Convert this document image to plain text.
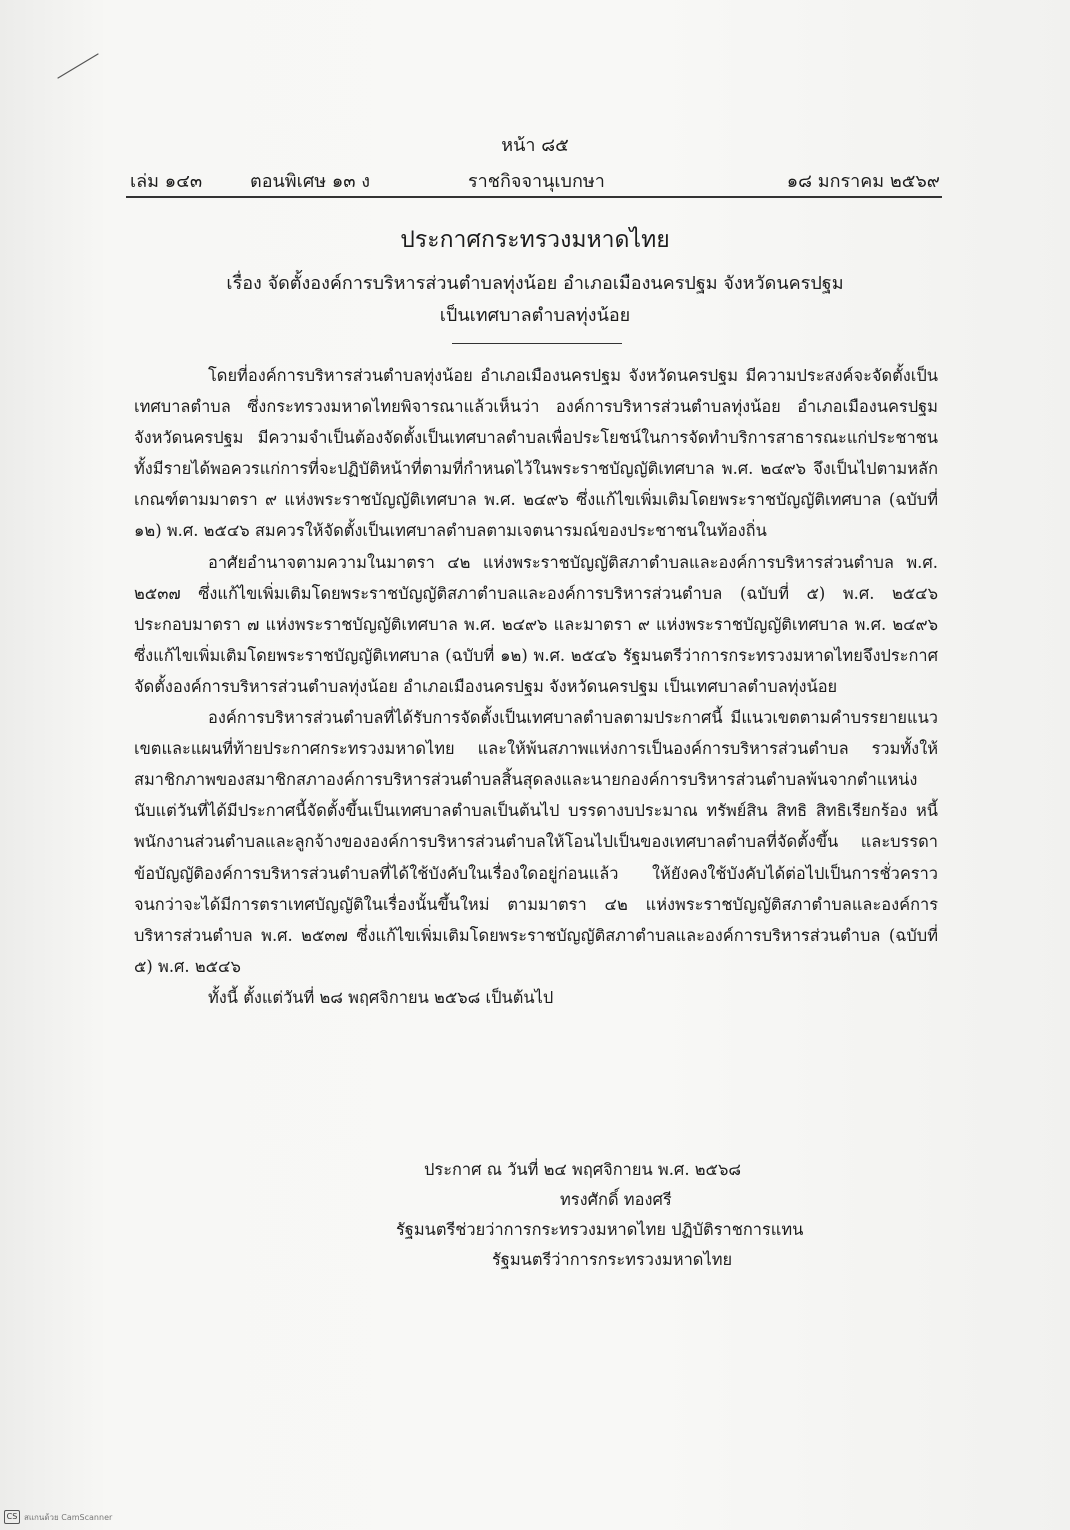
หน้า ๘๕
เล่ม ๑๔๓	ตอนพิเศษ ๑๓ ง	ราชกิจจานุเบกษา	๑๘ มกราคม ๒๕๖๙
ประกาศกระทรวงมหาดไทย
เรื่อง จัดตั้งองค์การบริหารส่วนตำบลทุ่งน้อย อำเภอเมืองนครปฐม จังหวัดนครปฐม
เป็นเทศบาลตำบลทุ่งน้อย

โดยที่องค์การบริหารส่วนตำบลทุ่งน้อย อำเภอเมืองนครปฐม จังหวัดนครปฐม มีความประสงค์จะจัดตั้งเป็นเทศบาลตำบล ซึ่งกระทรวงมหาดไทยพิจารณาแล้วเห็นว่า องค์การบริหารส่วนตำบลทุ่งน้อย อำเภอเมืองนครปฐม จังหวัดนครปฐม มีความจำเป็นต้องจัดตั้งเป็นเทศบาลตำบลเพื่อประโยชน์ในการจัดทำบริการสาธารณะแก่ประชาชน ทั้งมีรายได้พอควรแก่การที่จะปฏิบัติหน้าที่ตามที่กำหนดไว้ในพระราชบัญญัติเทศบาล พ.ศ. ๒๔๙๖ จึงเป็นไปตามหลักเกณฑ์ตามมาตรา ๙ แห่งพระราชบัญญัติเทศบาล พ.ศ. ๒๔๙๖ ซึ่งแก้ไขเพิ่มเติมโดยพระราชบัญญัติเทศบาล (ฉบับที่ ๑๒) พ.ศ. ๒๕๔๖ สมควรให้จัดตั้งเป็นเทศบาลตำบลตามเจตนารมณ์ของประชาชนในท้องถิ่น

อาศัยอำนาจตามความในมาตรา ๔๒ แห่งพระราชบัญญัติสภาตำบลและองค์การบริหารส่วนตำบล พ.ศ. ๒๕๓๗ ซึ่งแก้ไขเพิ่มเติมโดยพระราชบัญญัติสภาตำบลและองค์การบริหารส่วนตำบล (ฉบับที่ ๕) พ.ศ. ๒๕๔๖ ประกอบมาตรา ๗ แห่งพระราชบัญญัติเทศบาล พ.ศ. ๒๔๙๖ และมาตรา ๙ แห่งพระราชบัญญัติเทศบาล พ.ศ. ๒๔๙๖ ซึ่งแก้ไขเพิ่มเติมโดยพระราชบัญญัติเทศบาล (ฉบับที่ ๑๒) พ.ศ. ๒๕๔๖ รัฐมนตรีว่าการกระทรวงมหาดไทยจึงประกาศจัดตั้งองค์การบริหารส่วนตำบลทุ่งน้อย อำเภอเมืองนครปฐม จังหวัดนครปฐม เป็นเทศบาลตำบลทุ่งน้อย

องค์การบริหารส่วนตำบลที่ได้รับการจัดตั้งเป็นเทศบาลตำบลตามประกาศนี้ มีแนวเขตตามคำบรรยายแนวเขตและแผนที่ท้ายประกาศกระทรวงมหาดไทย และให้พ้นสภาพแห่งการเป็นองค์การบริหารส่วนตำบล รวมทั้งให้สมาชิกภาพของสมาชิกสภาองค์การบริหารส่วนตำบลสิ้นสุดลงและนายกองค์การบริหารส่วนตำบลพ้นจากตำแหน่งนับแต่วันที่ได้มีประกาศนี้จัดตั้งขึ้นเป็นเทศบาลตำบลเป็นต้นไป บรรดางบประมาณ ทรัพย์สิน สิทธิ สิทธิเรียกร้อง หนี้ พนักงานส่วนตำบลและลูกจ้างขององค์การบริหารส่วนตำบลให้โอนไปเป็นของเทศบาลตำบลที่จัดตั้งขึ้น และบรรดาข้อบัญญัติองค์การบริหารส่วนตำบลที่ได้ใช้บังคับในเรื่องใดอยู่ก่อนแล้ว ให้ยังคงใช้บังคับได้ต่อไปเป็นการชั่วคราวจนกว่าจะได้มีการตราเทศบัญญัติในเรื่องนั้นขึ้นใหม่ ตามมาตรา ๔๒ แห่งพระราชบัญญัติสภาตำบลและองค์การบริหารส่วนตำบล พ.ศ. ๒๕๓๗ ซึ่งแก้ไขเพิ่มเติมโดยพระราชบัญญัติสภาตำบลและองค์การบริหารส่วนตำบล (ฉบับที่ ๕) พ.ศ. ๒๕๔๖

ทั้งนี้ ตั้งแต่วันที่ ๒๘ พฤศจิกายน ๒๕๖๘ เป็นต้นไป

ประกาศ ณ วันที่ ๒๔ พฤศจิกายน พ.ศ. ๒๕๖๘
ทรงศักดิ์ ทองศรี
รัฐมนตรีช่วยว่าการกระทรวงมหาดไทย ปฏิบัติราชการแทน
รัฐมนตรีว่าการกระทรวงมหาดไทย
CS สแกนด้วย CamScanner
